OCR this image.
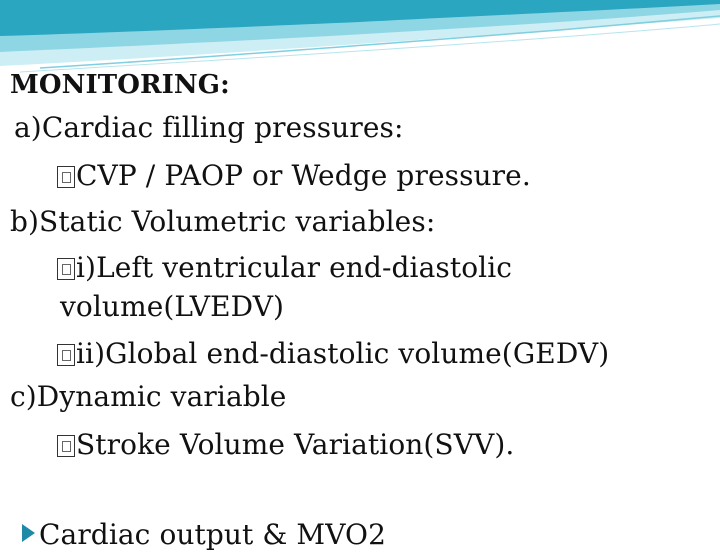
MONITORING:
a)Cardiac filling pressures:
CVP / PAOP or Wedge pressure.
b)Static Volumetric variables:
i)Left ventricular end-diastolic
volume(LVEDV)
ii)Global end-diastolic volume(GEDV)
c)Dynamic variable
Stroke Volume Variation(SVV).
Cardiac output & MVO2
